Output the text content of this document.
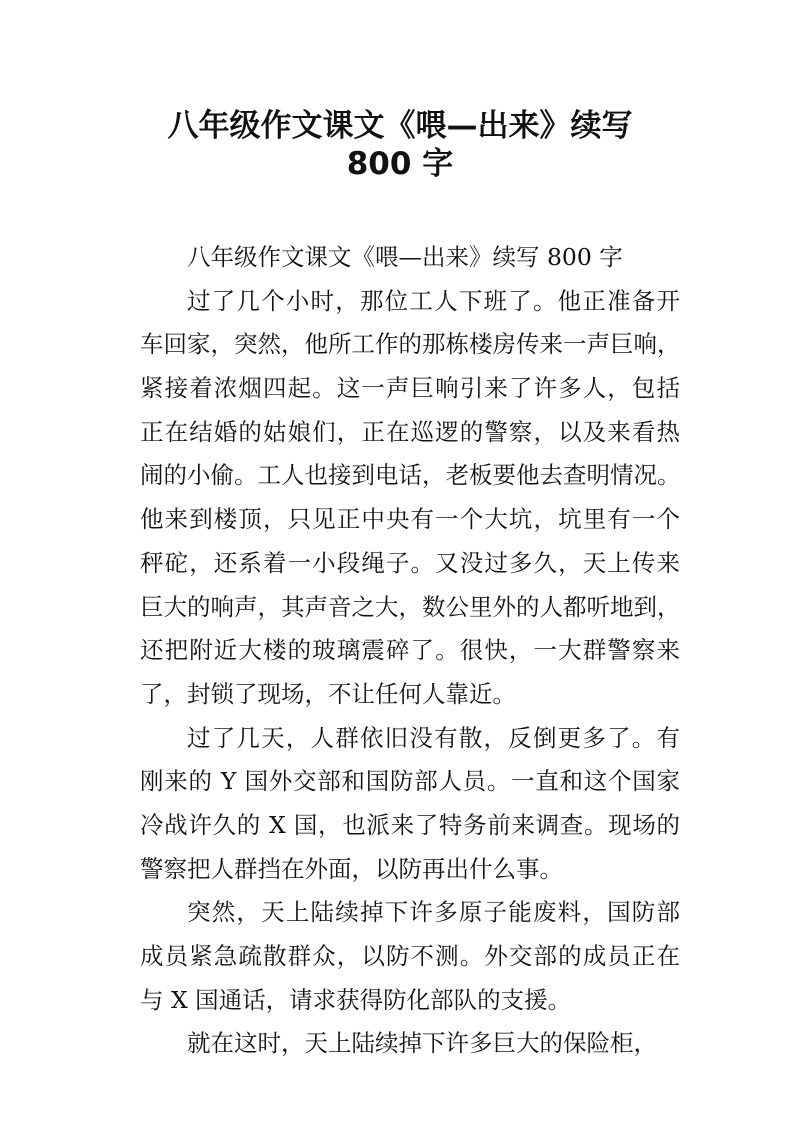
八年级作文课文《喂—出来》续写
800 字
八年级作文课文《喂—出来》续写 800 字
过了几个小时，那位工人下班了。他正准备开
车回家，突然，他所工作的那栋楼房传来一声巨响，
紧接着浓烟四起。这一声巨响引来了许多人，包括
正在结婚的姑娘们，正在巡逻的警察，以及来看热
闹的小偷。工人也接到电话，老板要他去查明情况。
他来到楼顶，只见正中央有一个大坑，坑里有一个
秤砣，还系着一小段绳子。又没过多久，天上传来
巨大的响声，其声音之大，数公里外的人都听地到，
还把附近大楼的玻璃震碎了。很快，一大群警察来
了，封锁了现场，不让任何人靠近。
过了几天，人群依旧没有散，反倒更多了。有
刚来的 Y 国外交部和国防部人员。一直和这个国家
冷战许久的 X 国，也派来了特务前来调查。现场的
警察把人群挡在外面，以防再出什么事。
突然，天上陆续掉下许多原子能废料，国防部
成员紧急疏散群众，以防不测。外交部的成员正在
与 X 国通话，请求获得防化部队的支援。
就在这时，天上陆续掉下许多巨大的保险柜，
